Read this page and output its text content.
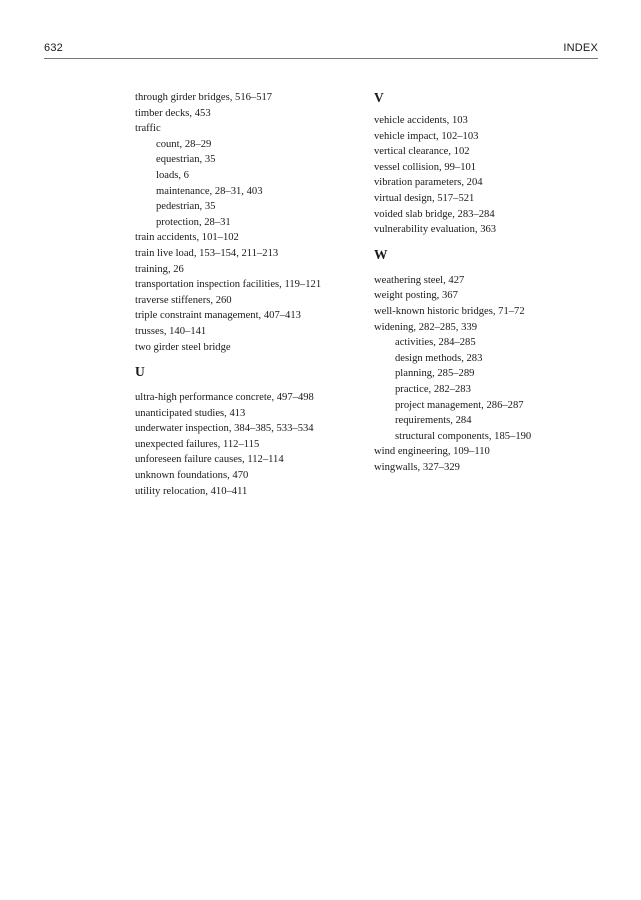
632	INDEX
through girder bridges, 516–517
timber decks, 453
traffic
count, 28–29
equestrian, 35
loads, 6
maintenance, 28–31, 403
pedestrian, 35
protection, 28–31
train accidents, 101–102
train live load, 153–154, 211–213
training, 26
transportation inspection facilities, 119–121
traverse stiffeners, 260
triple constraint management, 407–413
trusses, 140–141
two girder steel bridge
U
ultra-high performance concrete, 497–498
unanticipated studies, 413
underwater inspection, 384–385, 533–534
unexpected failures, 112–115
unforeseen failure causes, 112–114
unknown foundations, 470
utility relocation, 410–411
V
vehicle accidents, 103
vehicle impact, 102–103
vertical clearance, 102
vessel collision, 99–101
vibration parameters, 204
virtual design, 517–521
voided slab bridge, 283–284
vulnerability evaluation, 363
W
weathering steel, 427
weight posting, 367
well-known historic bridges, 71–72
widening, 282–285, 339
activities, 284–285
design methods, 283
planning, 285–289
practice, 282–283
project management, 286–287
requirements, 284
structural components, 185–190
wind engineering, 109–110
wingwalls, 327–329
